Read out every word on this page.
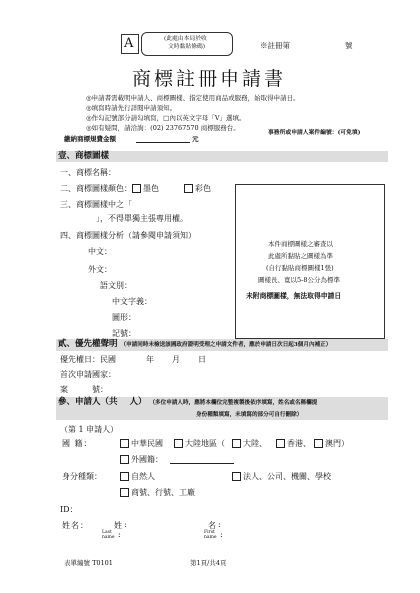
A	(此處由本局於收
文時黏貼條碼)	※註冊第	號
商標註冊申請書
◎申請書需載明申請人、商標圖樣、指定使用商品或服務，始取得申請日。
◎填寫時請先行詳閱申請須知。
◎作勾記號部分請勾填寫，□內以英文字母「V」選填。
◎如有疑問，請洽詢：(02) 23767570 商標服務台。
事務所或申請人案件編號：(可免填)
繳納商標規費金額	元
壹、商標圖樣
一、商標名稱：
二、商標圖樣顏色： 墨色	彩色
三、商標圖樣中之「
」，不得單獨主張專用權。
四、商標圖樣分析（請參閱申請須知）
中文：
外文：
語文別：
中文字義：
圖形：
記號：
本件商標圖樣之審查以
此處所黏貼之圖樣為準
(自行黏貼商標圖樣1張)
圖樣長、寬以5-8公分為標準
未附商標圖樣，無法取得申請日
貳、優先權聲明 （申請同時未檢送該國政府證明受理之申請文件者，應於申請日次日起3個月內補正）
優先權日：民國	年 月 日
首次申請國家：
案	號：
參、申請人（共 人） （多位申請人時，應將本欄位完整複製後依序填寫，姓名或名稱欄提
身份種類填寫，未填寫的部分可自行刪除）
（第 1 申請人）
國 籍：	中華民國	大陸地區（ 大陸、	香港、 澳門）
外國籍：
身分種類：	自然人	法人、公司、機關、學校
商號、行號、工廠
ID：
姓名：	姓 :	名 :
Last
name :	First
name :
表單編號 T0101	第1頁/共4頁
